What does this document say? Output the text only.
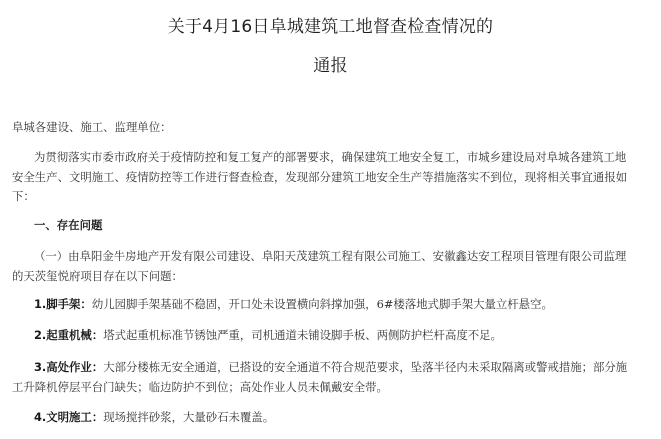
关于4月16日阜城建筑工地督查检查情况的
通报
阜城各建设、施工、监理单位：
为贯彻落实市委市政府关于疫情防控和复工复产的部署要求，确保建筑工地安全复工，市城乡建设局对阜城各建筑工地
安全生产、文明施工、疫情防控等工作进行督查检查，发现部分建筑工地安全生产等措施落实不到位，现将相关事宜通报如
下：
一、存在问题
（一）由阜阳金牛房地产开发有限公司建设、阜阳天茂建筑工程有限公司施工、安徽鑫达安工程项目管理有限公司监理
的天茨玺悦府项目存在以下问题：
1.脚手架：幼儿园脚手架基础不稳固，开口处未设置横向斜撑加强，6#楼落地式脚手架大量立杆悬空。
2.起重机械：塔式起重机标准节锈蚀严重，司机通道未铺设脚手板、两侧防护栏杆高度不足。
3.高处作业：大部分楼栋无安全通道，已搭设的安全通道不符合规范要求，坠落半径内未采取隔离或警戒措施；部分施
工升降机停层平台门缺失；临边防护不到位；高处作业人员未佩戴安全带。
4.文明施工：现场搅拌砂浆，大量砂石未覆盖。
